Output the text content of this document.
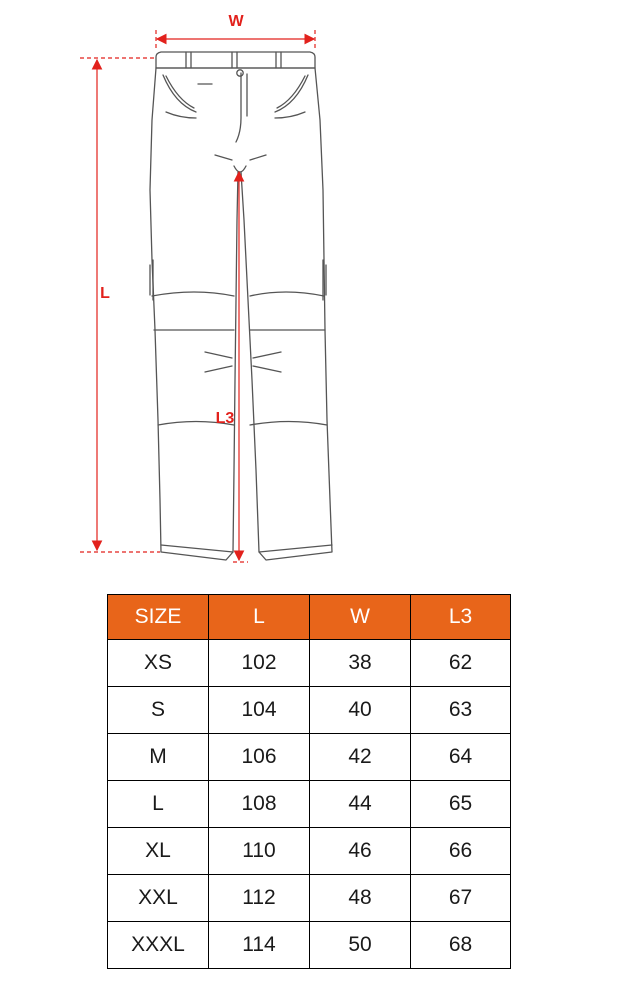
W
L
L3
SIZE	L	W	L3
XS	102	38	62
S	104	40	63
M	106	42	64
L	108	44	65
XL	110	46	66
XXL	112	48	67
XXXL	114	50	68
